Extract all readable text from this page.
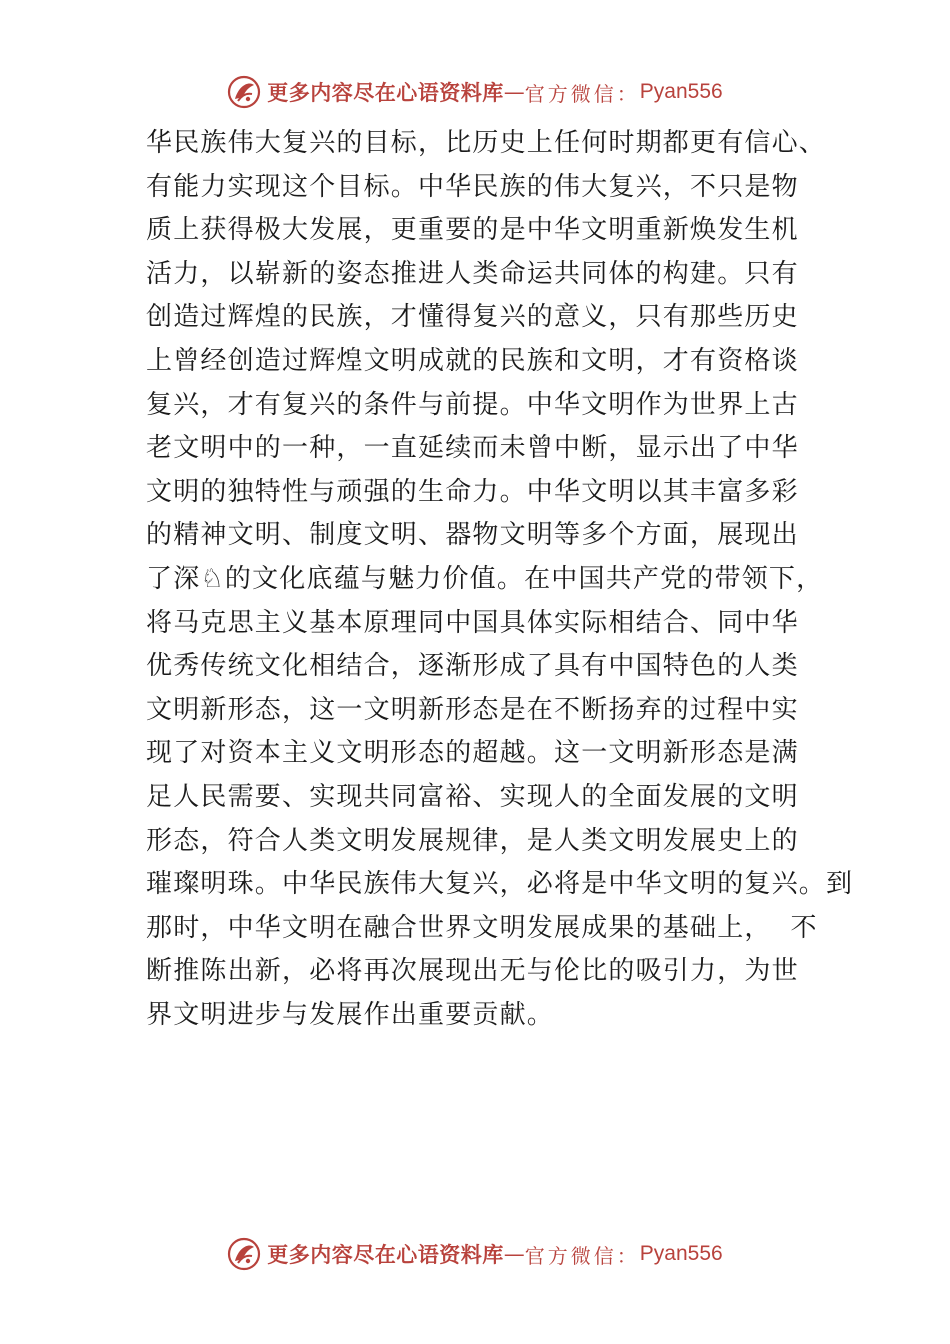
更多内容尽在心语资料库 — 官方微信： Pyan556
华民族伟大复兴的目标，比历史上任何时期都更有信心、
有能力实现这个目标。中华民族的伟大复兴，不只是物
质上获得极大发展，更重要的是中华文明重新焕发生机
活力，以崭新的姿态推进人类命运共同体的构建。只有
创造过辉煌的民族，才懂得复兴的意义，只有那些历史
上曾经创造过辉煌文明成就的民族和文明，才有资格谈
复兴，才有复兴的条件与前提。中华文明作为世界上古
老文明中的一种，一直延续而未曾中断，显示出了中华
文明的独特性与顽强的生命力。中华文明以其丰富多彩
的精神文明、制度文明、器物文明等多个方面，展现出
了深♘的文化底蕴与魅力价值。在中国共产党的带领下，
将马克思主义基本原理同中国具体实际相结合、同中华
优秀传统文化相结合，逐渐形成了具有中国特色的人类
文明新形态，这一文明新形态是在不断扬弃的过程中实
现了对资本主义文明形态的超越。这一文明新形态是满
足人民需要、实现共同富裕、实现人的全面发展的文明
形态，符合人类文明发展规律，是人类文明发展史上的
璀璨明珠。中华民族伟大复兴，必将是中华文明的复兴。到
那时，中华文明在融合世界文明发展成果的基础上，  不
断推陈出新，必将再次展现出无与伦比的吸引力，为世
界文明进步与发展作出重要贡献。
更多内容尽在心语资料库 — 官方微信： Pyan556
